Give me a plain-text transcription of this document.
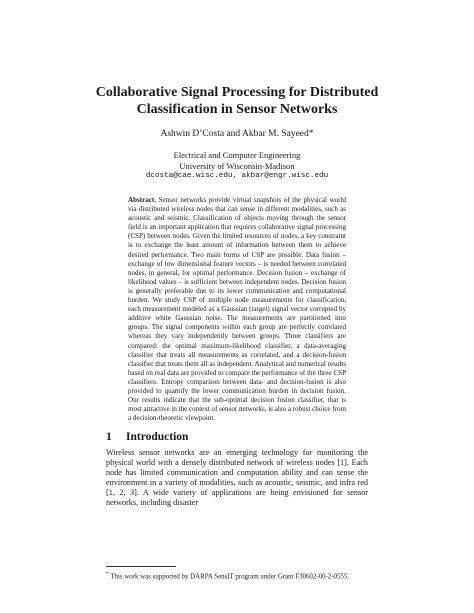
Collaborative Signal Processing for Distributed Classification in Sensor Networks
Ashwin D’Costa and Akbar M. Sayeed*
Electrical and Computer Engineering
University of Wisconsin-Madison
dcosta@cae.wisc.edu, akbar@engr.wisc.edu
Abstract. Sensor networks provide virtual snapshots of the physical world via distributed wireless nodes that can sense in different modalities, such as acoustic and seismic. Classification of objects moving through the sensor field is an important application that requires collaborative signal processing (CSP) between nodes. Given the limited resources of nodes, a key constraint is to exchange the least amount of information between them to achieve desired performance. Two main forms of CSP are possible. Data fusion – exchange of low dimensional feature vectors – is needed between correlated nodes, in general, for optimal performance. Decision fusion – exchange of likelihood values – is sufficient between independent nodes. Decision fusion is generally preferable due to its lower communication and computational burden. We study CSP of multiple node measurements for classification, each measurement modeled as a Gaussian (target) signal vector corrupted by additive white Gaussian noise. The measurements are partitioned into groups. The signal components within each group are perfectly correlated whereas they vary independently between groups. Three classifiers are compared: the optimal maximum-likelihood classifier, a data-averaging classifier that treats all measurements as correlated, and a decision-fusion classifier that treats them all as independent. Analytical and numerical results based on real data are provided to compare the performance of the three CSP classifiers. Entropy comparison between data- and decision-fusion is also provided to quantify the lower communication burden in decision fusion. Our results indicate that the sub-optimal decision fusion classifier, that is most attractive in the context of sensor networks, is also a robust choice from a decision-theoretic viewpoint.
1 Introduction
Wireless sensor networks are an emerging technology for monitoring the physical world with a densely distributed network of wireless nodes [1]. Each node has limited communication and computation ability and can sense the environment in a variety of modalities, such as acoustic, seismic, and infra red [1, 2, 3]. A wide variety of applications are being envisioned for sensor networks, including disaster
* This work was supported by DARPA SensIT program under Grant F30602-00-2-0555.
